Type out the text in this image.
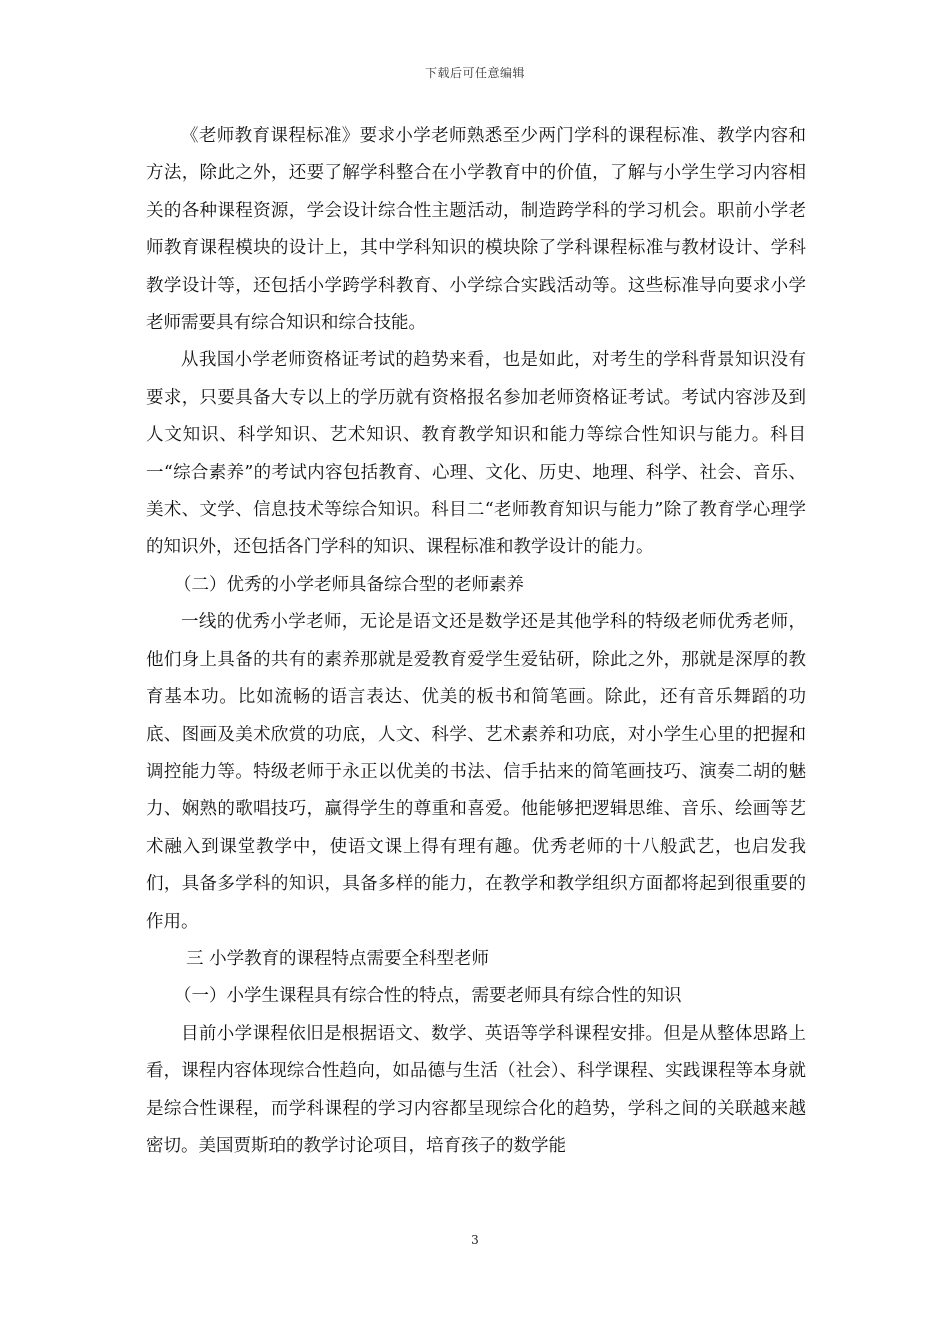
下载后可任意编辑

《老师教育课程标准》要求小学老师熟悉至少两门学科的课程标准、教学内容和方法，除此之外，还要了解学科整合在小学教育中的价值，了解与小学生学习内容相关的各种课程资源，学会设计综合性主题活动，制造跨学科的学习机会。职前小学老师教育课程模块的设计上，其中学科知识的模块除了学科课程标准与教材设计、学科教学设计等，还包括小学跨学科教育、小学综合实践活动等。这些标准导向要求小学老师需要具有综合知识和综合技能。

从我国小学老师资格证考试的趋势来看，也是如此，对考生的学科背景知识没有要求，只要具备大专以上的学历就有资格报名参加老师资格证考试。考试内容涉及到人文知识、科学知识、艺术知识、教育教学知识和能力等综合性知识与能力。科目一“综合素养”的考试内容包括教育、心理、文化、历史、地理、科学、社会、音乐、美术、文学、信息技术等综合知识。科目二“老师教育知识与能力”除了教育学心理学的知识外，还包括各门学科的知识、课程标准和教学设计的能力。

（二）优秀的小学老师具备综合型的老师素养

一线的优秀小学老师，无论是语文还是数学还是其他学科的特级老师优秀老师，他们身上具备的共有的素养那就是爱教育爱学生爱钻研，除此之外，那就是深厚的教育基本功。比如流畅的语言表达、优美的板书和简笔画。除此，还有音乐舞蹈的功底、图画及美术欣赏的功底，人文、科学、艺术素养和功底，对小学生心里的把握和调控能力等。特级老师于永正以优美的书法、信手拈来的简笔画技巧、演奏二胡的魅力、娴熟的歌唱技巧，赢得学生的尊重和喜爱。他能够把逻辑思维、音乐、绘画等艺术融入到课堂教学中，使语文课上得有理有趣。优秀老师的十八般武艺，也启发我们，具备多学科的知识，具备多样的能力，在教学和教学组织方面都将起到很重要的作用。

三 小学教育的课程特点需要全科型老师

（一）小学生课程具有综合性的特点，需要老师具有综合性的知识

目前小学课程依旧是根据语文、数学、英语等学科课程安排。但是从整体思路上看，课程内容体现综合性趋向，如品德与生活（社会）、科学课程、实践课程等本身就是综合性课程，而学科课程的学习内容都呈现综合化的趋势，学科之间的关联越来越密切。美国贾斯珀的教学讨论项目，培育孩子的数学能

3
